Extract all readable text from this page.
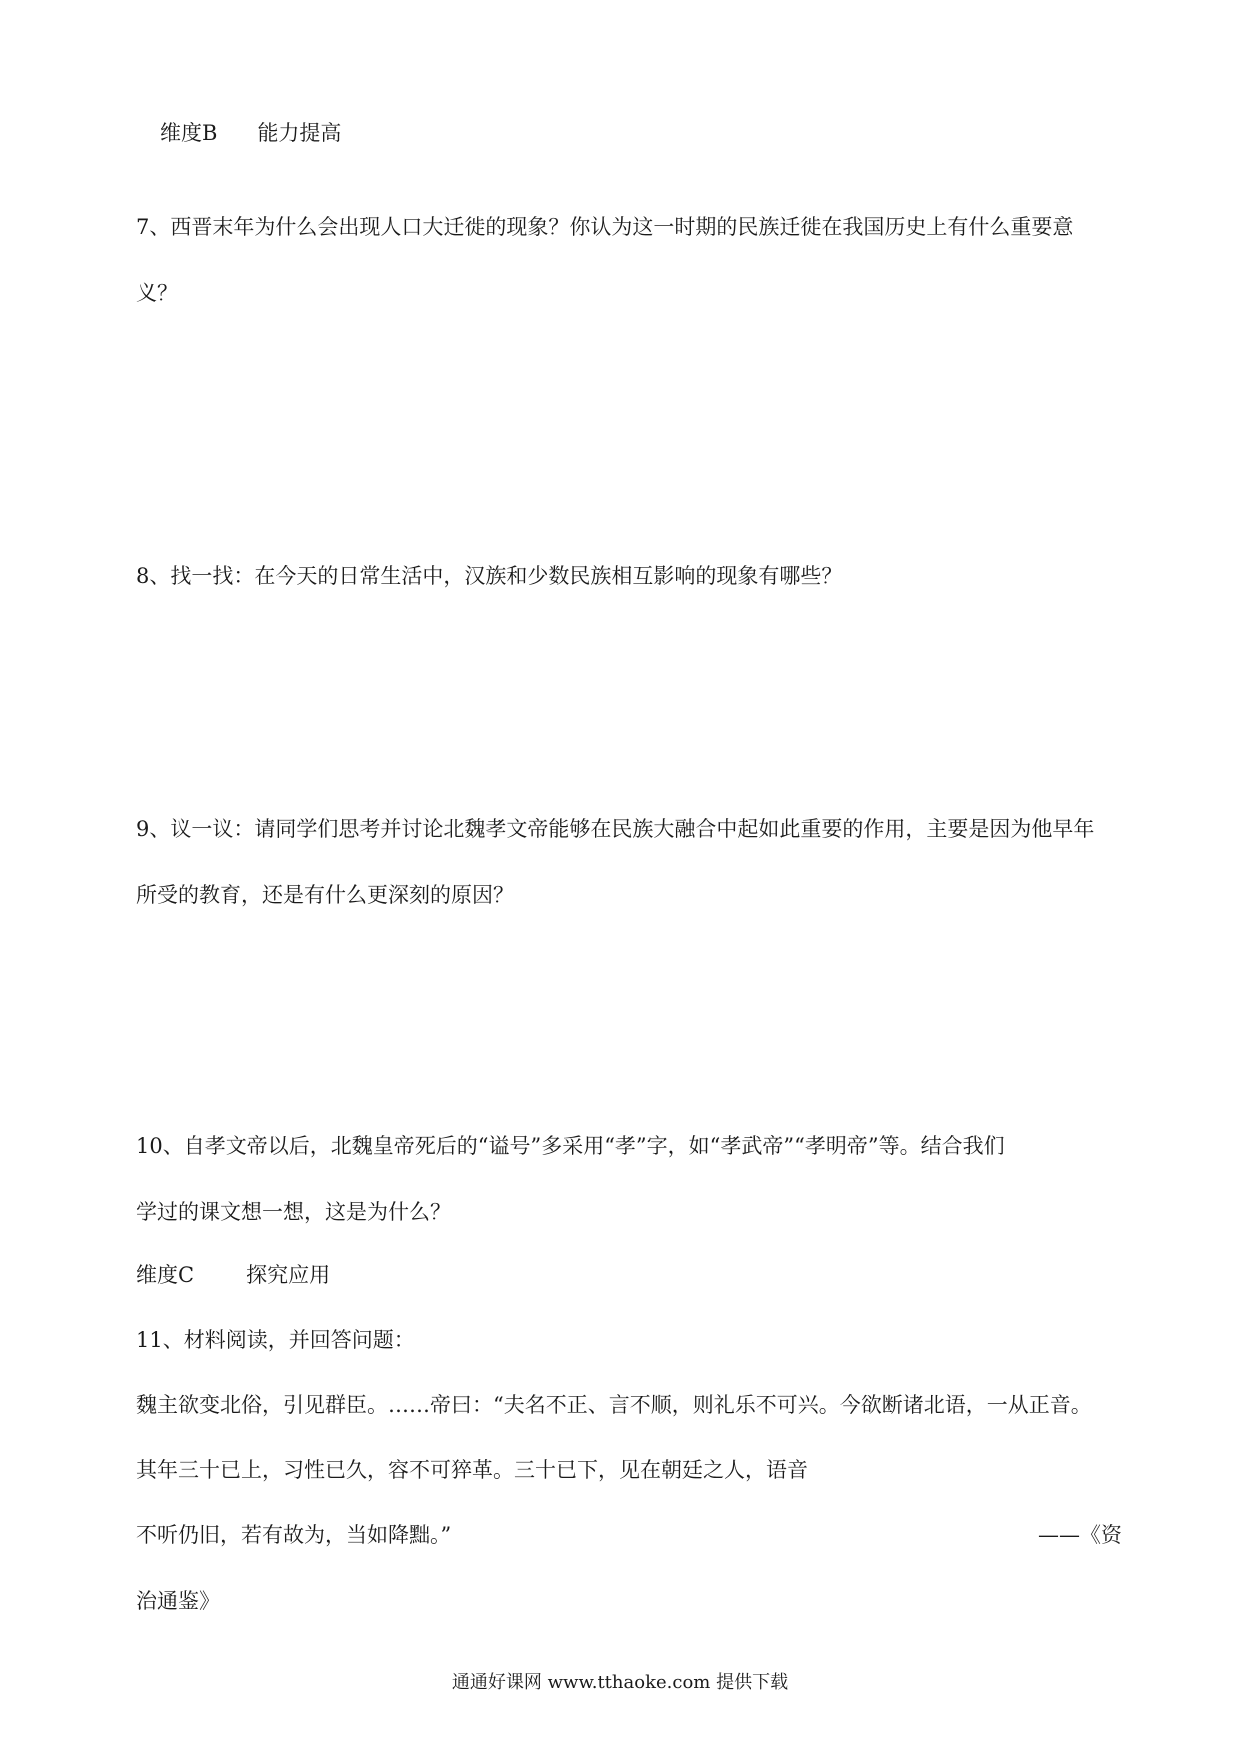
维度B 能力提高
7、西晋末年为什么会出现人口大迁徙的现象？你认为这一时期的民族迁徙在我国历史上有什么重要意
义？
8、找一找：在今天的日常生活中，汉族和少数民族相互影响的现象有哪些？
9、议一议：请同学们思考并讨论北魏孝文帝能够在民族大融合中起如此重要的作用，主要是因为他早年
所受的教育，还是有什么更深刻的原因？
10、自孝文帝以后，北魏皇帝死后的“谥号”多采用“孝”字，如“孝武帝”“孝明帝”等。结合我们
学过的课文想一想，这是为什么？
维度C 探究应用
11、材料阅读，并回答问题：
魏主欲变北俗，引见群臣。……帝曰：“夫名不正、言不顺，则礼乐不可兴。今欲断诸北语，一从正音。
其年三十已上，习性已久，容不可猝革。三十已下，见在朝廷之人，语音
不听仍旧，若有故为，当如降黜。”	——《资
治通鉴》
通通好课网 www.tthaoke.com 提供下载
